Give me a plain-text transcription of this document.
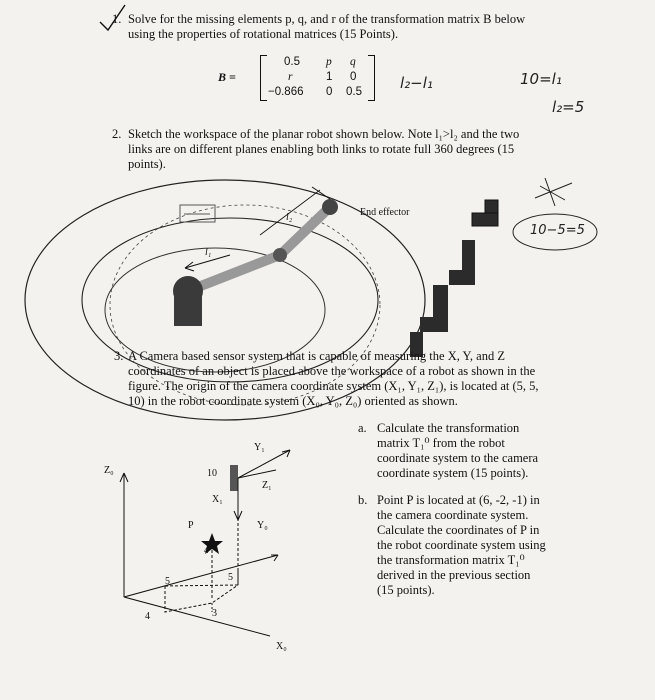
1. Solve for the missing elements p, q, and r of the transformation matrix B below
using the properties of rotational matrices (15 Points).
B =
0.5 p q
r	1 0
−0.866 0 0.5	l₂−l₁	10=l₁
l₂=5
2. Sketch the workspace of the planar robot shown below. Note l₁>l₂ and the two
links are on different planes enabling both links to rotate full 360 degrees (15
points).
End effector
l₁
l₂
10−5=5
3. A Camera based sensor system that is capable of measuring the X, Y, and Z
coordinates of an object is placed above the workspace of a robot as shown in the
figure. The origin of the camera coordinate system (X₁, Y₁, Z₁), is located at (5, 5,
10) in the robot coordinate system (X₀, Y₀, Z₀) oriented as shown.
a. Calculate the transformation
matrix T₁⁰ from the robot
coordinate system to the camera
coordinate system (15 points).
b. Point P is located at (6, -2, -1) in
the camera coordinate system.
Calculate the coordinates of P in
the robot coordinate system using
the transformation matrix T₁⁰
derived in the previous section
(15 points).
Z₀
X₀
Y₀
X₁
Y₁
Z₁
P
10
4
4
5	5
3
